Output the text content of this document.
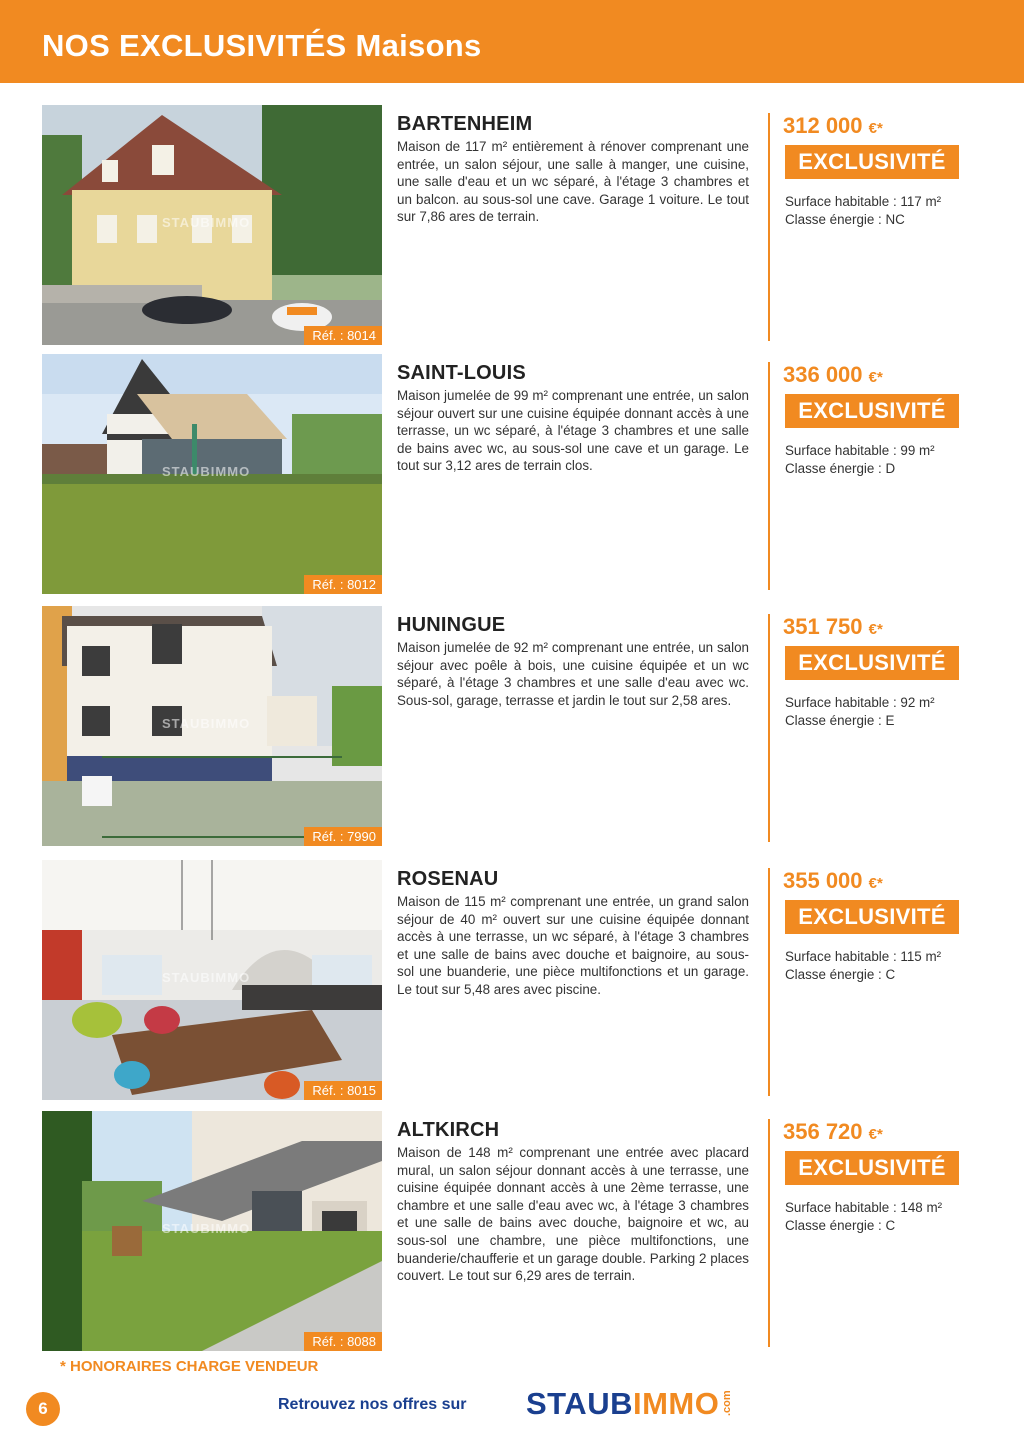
NOS EXCLUSIVITÉS Maisons
STAUBIMMO
Réf. : 8014
BARTENHEIM
Maison de 117 m² entièrement à rénover comprenant une entrée, un salon séjour, une salle à manger, une cuisine, une salle d'eau et un wc séparé, à l'étage 3 chambres et un balcon. au sous-sol une cave. Garage 1 voiture. Le tout sur 7,86 ares de terrain.
312 000 €*
EXCLUSIVITÉ
Surface habitable : 117 m²
Classe énergie : NC
STAUBIMMO
Réf. : 8012
SAINT-LOUIS
Maison jumelée de 99 m² comprenant une entrée, un salon séjour ouvert sur une cuisine équipée donnant accès à une terrasse, un wc séparé, à l'étage 3 chambres et une salle de bains avec wc, au sous-sol une cave et un garage. Le tout sur 3,12 ares de terrain clos.
336 000 €*
EXCLUSIVITÉ
Surface habitable : 99 m²
Classe énergie : D
STAUBIMMO
Réf. : 7990
HUNINGUE
Maison jumelée de 92 m² comprenant une entrée, un salon séjour avec poêle à bois, une cuisine équipée et un wc séparé, à l'étage 3 chambres et une salle d'eau avec wc. Sous-sol, garage, terrasse et jardin le tout sur 2,58 ares.
351 750 €*
EXCLUSIVITÉ
Surface habitable : 92 m²
Classe énergie : E
STAUBIMMO
Réf. : 8015
ROSENAU
Maison de 115 m² comprenant une entrée, un grand salon séjour de 40 m² ouvert sur une cuisine équipée donnant accès à une terrasse, un wc séparé, à l'étage 3 chambres et une salle de bains avec douche et baignoire, au sous-sol une buanderie, une pièce multifonctions et un garage. Le tout sur 5,48 ares avec piscine.
355 000 €*
EXCLUSIVITÉ
Surface habitable : 115 m²
Classe énergie : C
STAUBIMMO
Réf. : 8088
ALTKIRCH
Maison de 148 m² comprenant une entrée avec placard mural, un salon séjour donnant accès à une terrasse, une cuisine équipée donnant accès à une 2ème terrasse, une chambre et une salle d'eau avec wc, à l'étage 3 chambres et une salle de bains avec douche, baignoire et wc, au sous-sol une chambre, une pièce multifonctions, une buanderie/chaufferie et un garage double. Parking 2 places couvert. Le tout sur 6,29 ares de terrain.
356 720 €*
EXCLUSIVITÉ
Surface habitable : 148 m²
Classe énergie : C
* HONORAIRES CHARGE VENDEUR
6	Retrouvez nos offres sur STAUBIMMO .com
